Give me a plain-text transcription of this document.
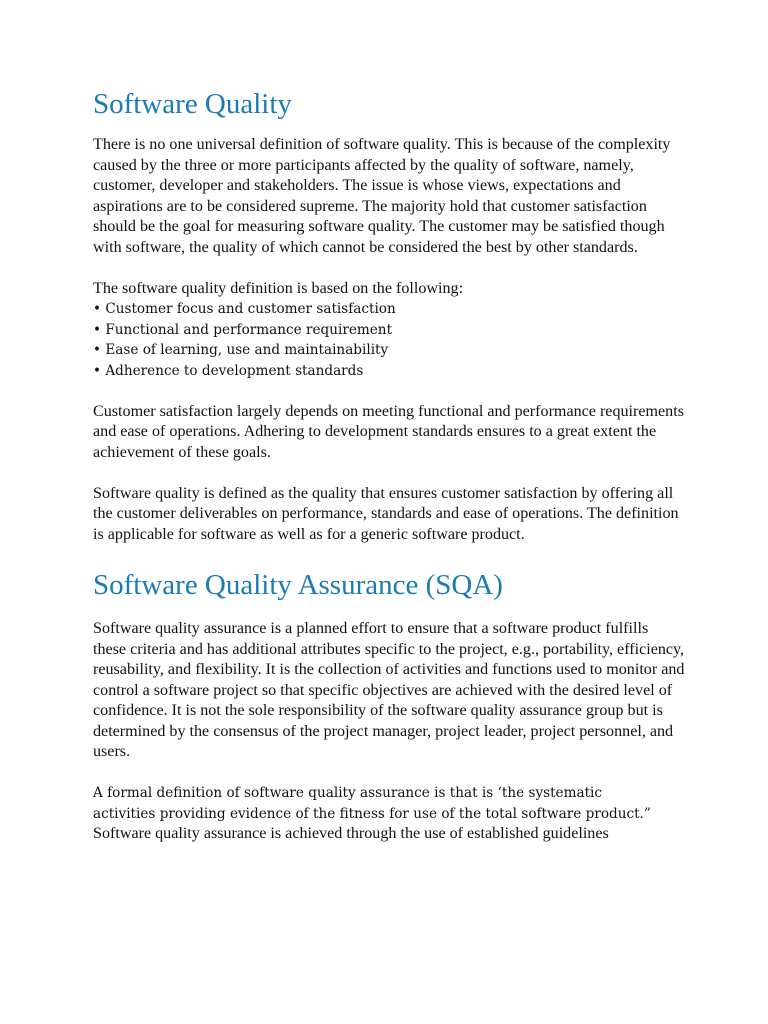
Software Quality

There is no one universal definition of software quality. This is because of the complexity caused by the three or more participants affected by the quality of software, namely, customer, developer and stakeholders. The issue is whose views, expectations and aspirations are to be considered supreme. The majority hold that customer satisfaction should be the goal for measuring software quality. The customer may be satisfied though with software, the quality of which cannot be considered the best by other standards.

The software quality definition is based on the following:

• Customer focus and customer satisfaction
• Functional and performance requirement
• Ease of learning, use and maintainability
• Adherence to development standards

Customer satisfaction largely depends on meeting functional and performance requirements and ease of operations. Adhering to development standards ensures to a great extent the achievement of these goals.

Software quality is defined as the quality that ensures customer satisfaction by offering all the customer deliverables on performance, standards and ease of operations. The definition is applicable for software as well as for a generic software product.

Software Quality Assurance (SQA)

Software quality assurance is a planned effort to ensure that a software product fulfills these criteria and has additional attributes specific to the project, e.g., portability, efficiency, reusability, and flexibility. It is the collection of activities and functions used to monitor and control a software project so that specific objectives are achieved with the desired level of confidence. It is not the sole responsibility of the software quality assurance group but is determined by the consensus of the project manager, project leader, project personnel, and users.

A formal definition of software quality assurance is that is ‘the systematic
activities providing evidence of the fitness for use of the total software product.”

Software quality assurance is achieved through the use of established guidelines
